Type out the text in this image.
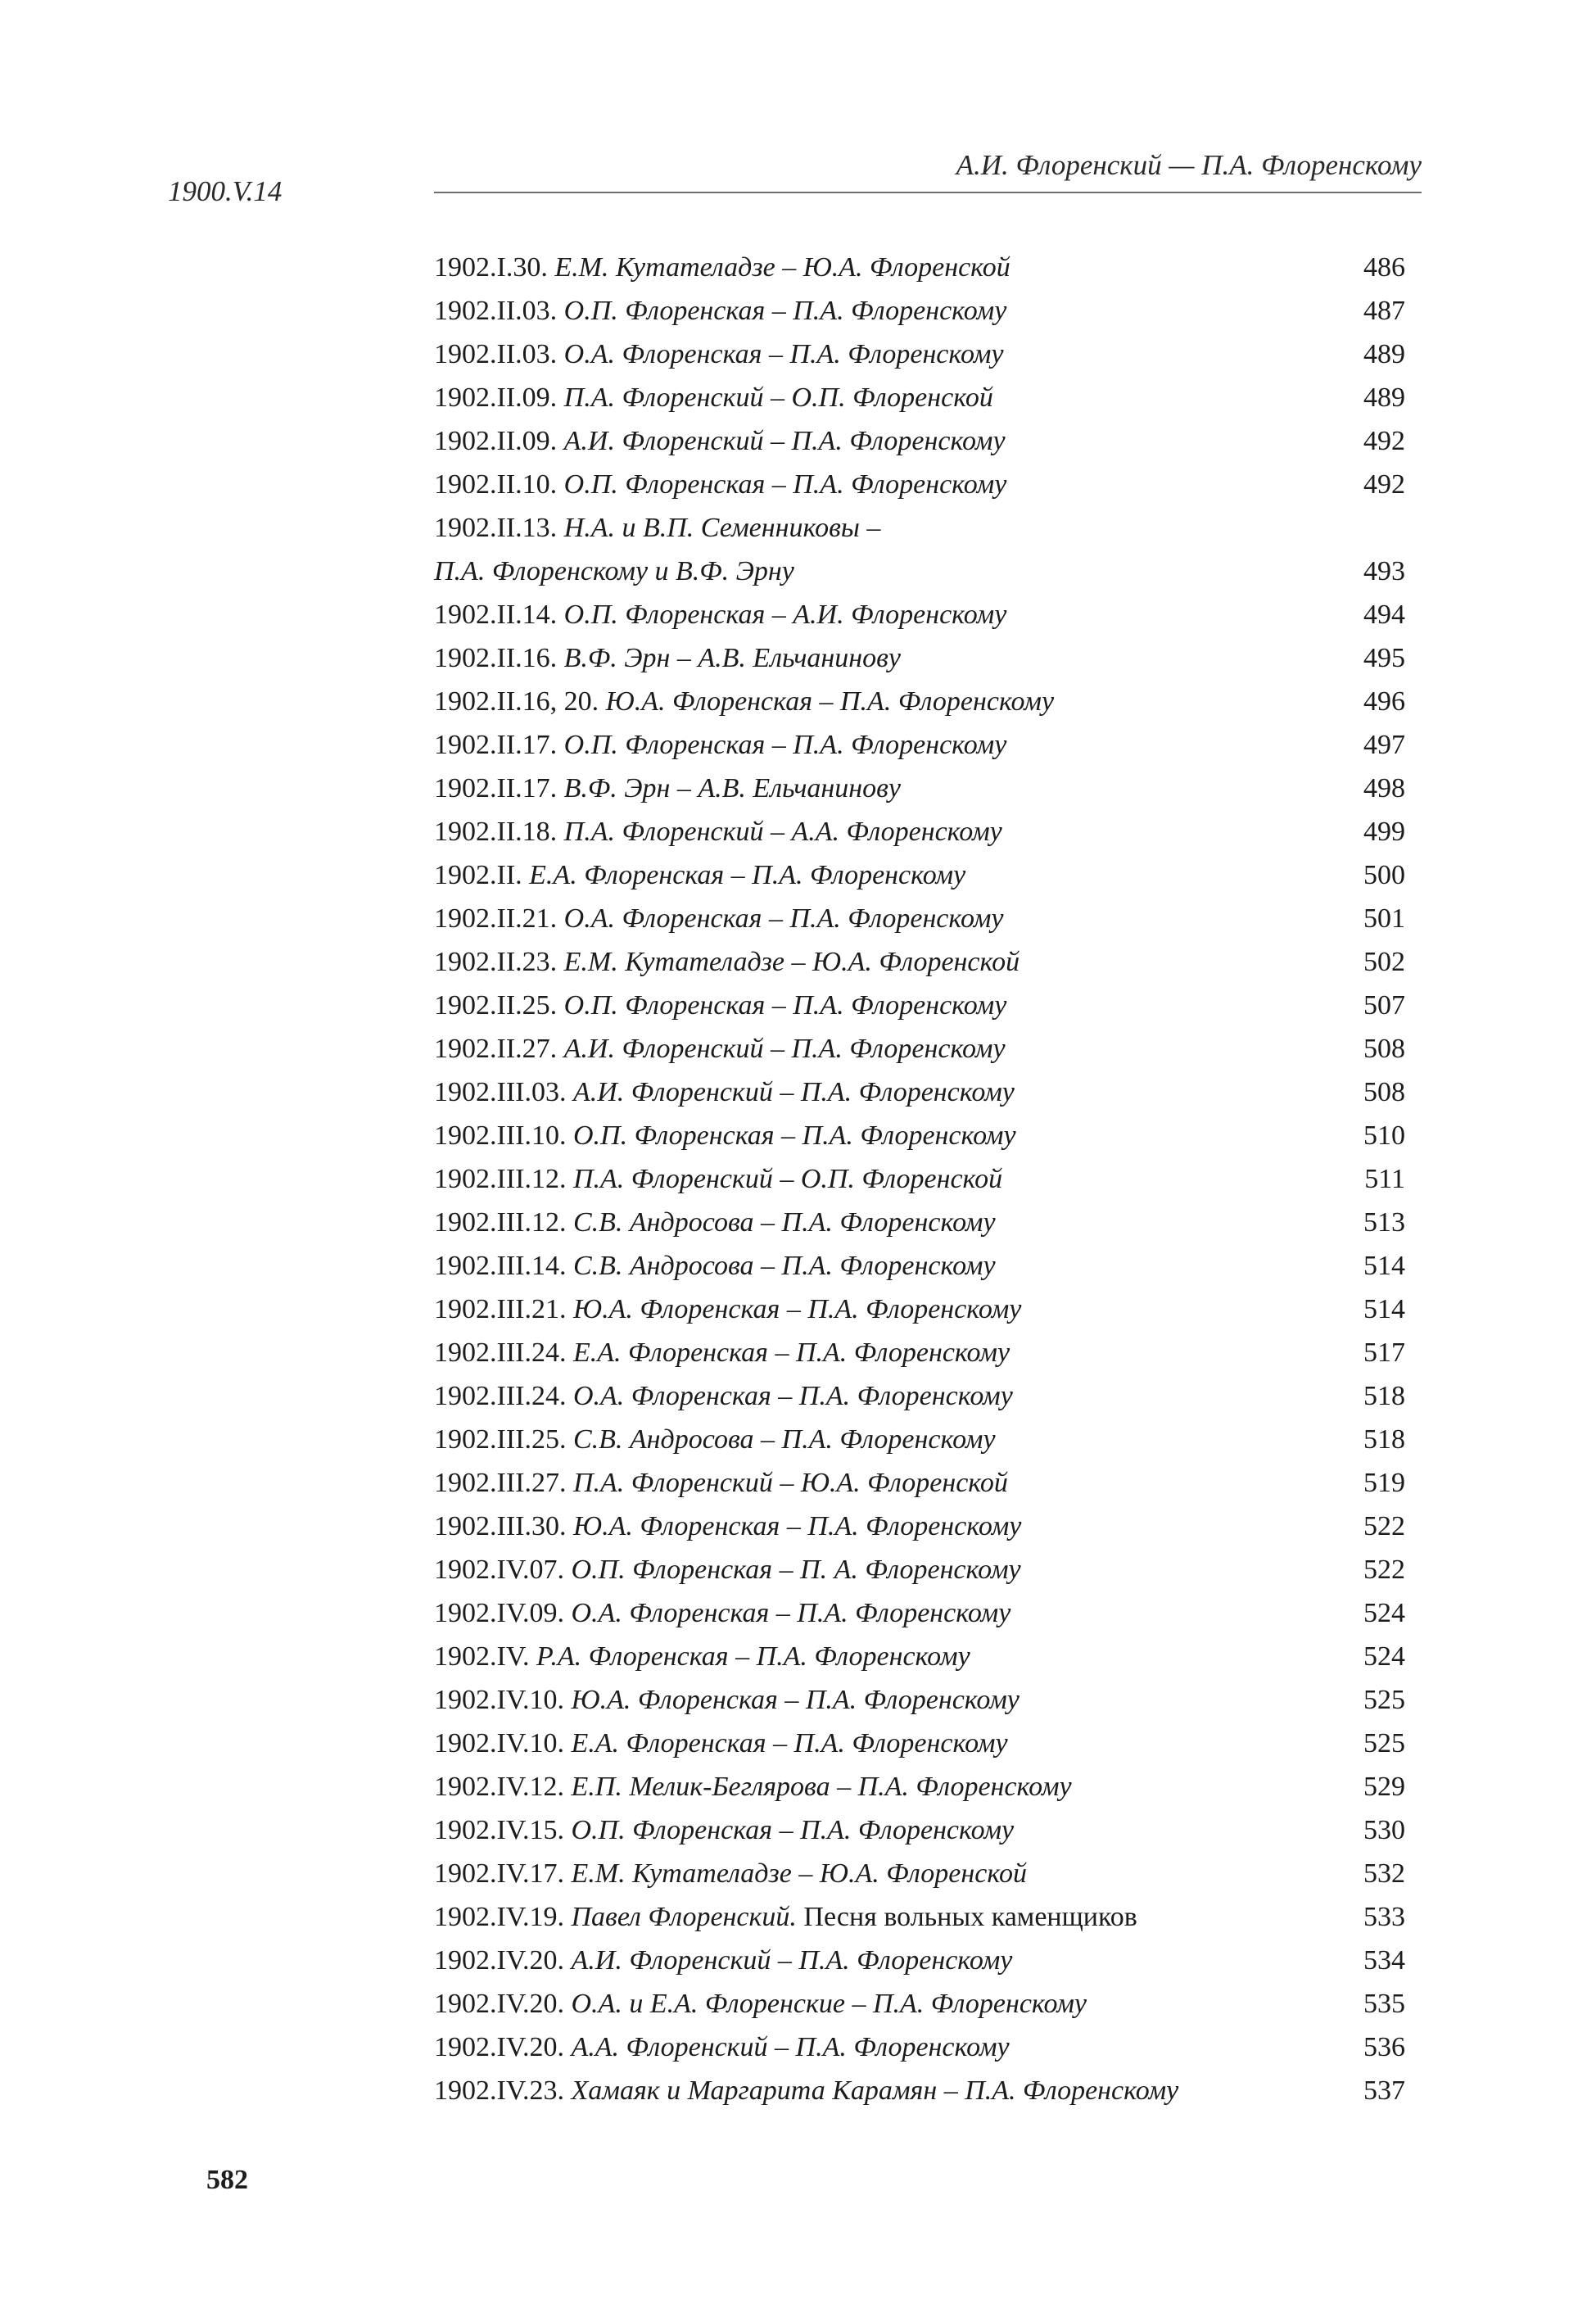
1900.V.14
А.И. Флоренский — П.А. Флоренскому
1902.I.30. Е.М. Кутателадзе – Ю.А. Флоренской	486
1902.II.03. О.П. Флоренская – П.А. Флоренскому	487
1902.II.03. О.А. Флоренская – П.А. Флоренскому	489
1902.II.09. П.А. Флоренский – О.П. Флоренской	489
1902.II.09. А.И. Флоренский – П.А. Флоренскому	492
1902.II.10. О.П. Флоренская – П.А. Флоренскому	492
1902.II.13. Н.А. и В.П. Семенниковы –
П.А. Флоренскому и В.Ф. Эрну	493
1902.II.14. О.П. Флоренская – А.И. Флоренскому	494
1902.II.16. В.Ф. Эрн – А.В. Ельчанинову	495
1902.II.16, 20. Ю.А. Флоренская – П.А. Флоренскому	496
1902.II.17. О.П. Флоренская – П.А. Флоренскому	497
1902.II.17. В.Ф. Эрн – А.В. Ельчанинову	498
1902.II.18. П.А. Флоренский – А.А. Флоренскому	499
1902.II. Е.А. Флоренская – П.А. Флоренскому	500
1902.II.21. О.А. Флоренская – П.А. Флоренскому	501
1902.II.23. Е.М. Кутателадзе – Ю.А. Флоренской	502
1902.II.25. О.П. Флоренская – П.А. Флоренскому	507
1902.II.27. А.И. Флоренский – П.А. Флоренскому	508
1902.III.03. А.И. Флоренский – П.А. Флоренскому	508
1902.III.10. О.П. Флоренская – П.А. Флоренскому	510
1902.III.12. П.А. Флоренский – О.П. Флоренской	511
1902.III.12. С.В. Андросова – П.А. Флоренскому	513
1902.III.14. С.В. Андросова – П.А. Флоренскому	514
1902.III.21. Ю.А. Флоренская – П.А. Флоренскому	514
1902.III.24. Е.А. Флоренская – П.А. Флоренскому	517
1902.III.24. О.А. Флоренская – П.А. Флоренскому	518
1902.III.25. С.В. Андросова – П.А. Флоренскому	518
1902.III.27. П.А. Флоренский – Ю.А. Флоренской	519
1902.III.30. Ю.А. Флоренская – П.А. Флоренскому	522
1902.IV.07. О.П. Флоренская – П. А. Флоренскому	522
1902.IV.09. О.А. Флоренская – П.А. Флоренскому	524
1902.IV. Р.А. Флоренская – П.А. Флоренскому	524
1902.IV.10. Ю.А. Флоренская – П.А. Флоренскому	525
1902.IV.10. Е.А. Флоренская – П.А. Флоренскому	525
1902.IV.12. Е.П. Мелик-Беглярова – П.А. Флоренскому	529
1902.IV.15. О.П. Флоренская – П.А. Флоренскому	530
1902.IV.17. Е.М. Кутателадзе – Ю.А. Флоренской	532
1902.IV.19. Павел Флоренский. Песня вольных каменщиков	533
1902.IV.20. А.И. Флоренский – П.А. Флоренскому	534
1902.IV.20. О.А. и Е.А. Флоренские – П.А. Флоренскому	535
1902.IV.20. А.А. Флоренский – П.А. Флоренскому	536
1902.IV.23. Хамаяк и Маргарита Карамян – П.А. Флоренскому	537
582
